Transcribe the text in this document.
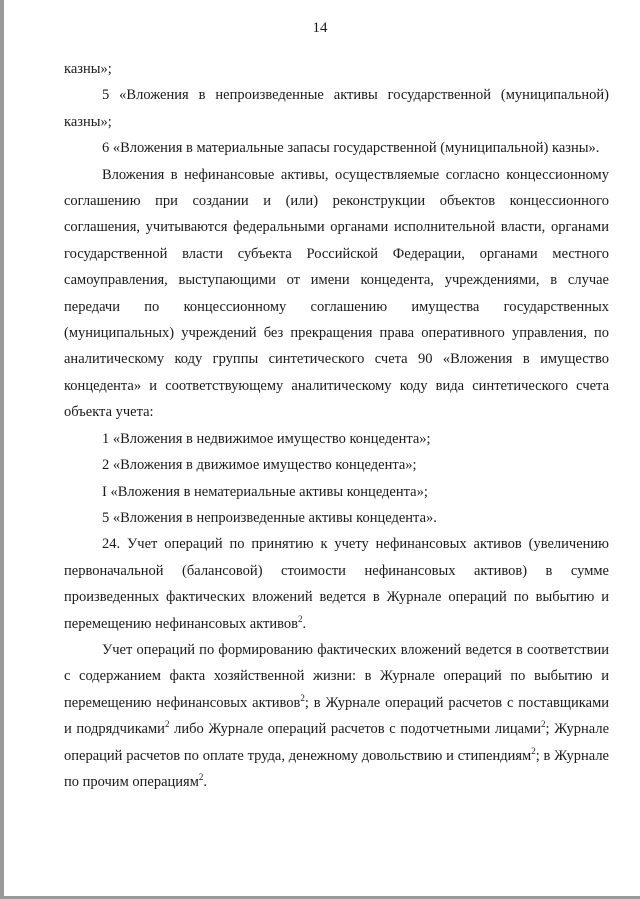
14

казны»;

5 «Вложения в непроизведенные активы государственной (муниципальной) казны»;

6 «Вложения в материальные запасы государственной (муниципальной) казны».

Вложения в нефинансовые активы, осуществляемые согласно концессионному соглашению при создании и (или) реконструкции объектов концессионного соглашения, учитываются федеральными органами исполнительной власти, органами государственной власти субъекта Российской Федерации, органами местного самоуправления, выступающими от имени концедента, учреждениями, в случае передачи по концессионному соглашению имущества государственных (муниципальных) учреждений без прекращения права оперативного управления, по аналитическому коду группы синтетического счета 90 «Вложения в имущество концедента» и соответствующему аналитическому коду вида синтетического счета объекта учета:

1 «Вложения в недвижимое имущество концедента»;

2 «Вложения в движимое имущество концедента»;

I «Вложения в нематериальные активы концедента»;

5 «Вложения в непроизведенные активы концедента».

24. Учет операций по принятию к учету нефинансовых активов (увеличению первоначальной (балансовой) стоимости нефинансовых активов) в сумме произведенных фактических вложений ведется в Журнале операций по выбытию и перемещению нефинансовых активов$^2$.

Учет операций по формированию фактических вложений ведется в соответствии с содержанием факта хозяйственной жизни: в Журнале операций по выбытию и перемещению нефинансовых активов$^2$; в Журнале операций расчетов с поставщиками и подрядчиками$^2$ либо Журнале операций расчетов с подотчетными лицами$^2$; Журнале операций расчетов по оплате труда, денежному довольствию и стипендиям$^2$; в Журнале по прочим операциям$^2$.
